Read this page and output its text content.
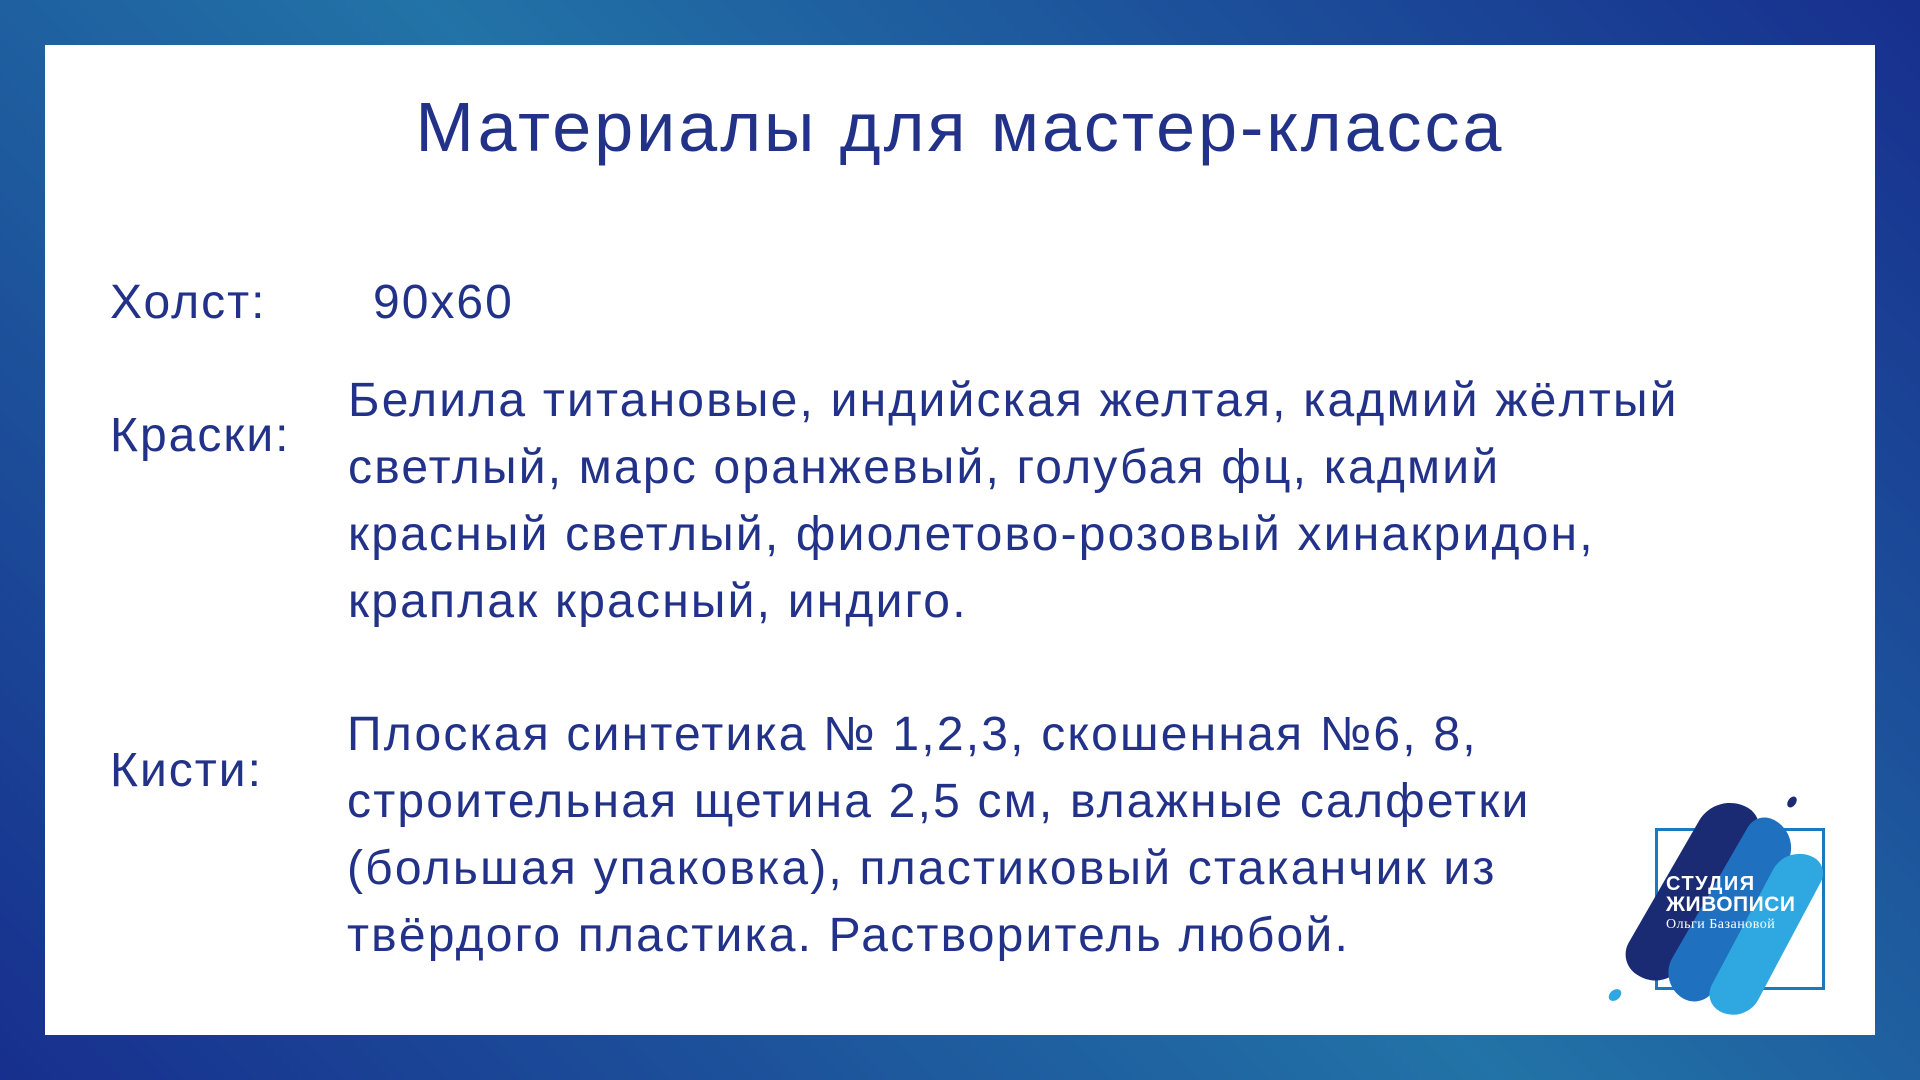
Материалы для мастер-класса
Холст: 90x60
Краски:
Белила титановые, индийская желтая, кадмий жёлтый
светлый, марс оранжевый, голубая фц, кадмий
красный светлый, фиолетово-розовый хинакридон,
краплак красный, индиго.
Кисти:
Плоская синтетика № 1,2,3, скошенная №6, 8,
строительная щетина 2,5 см, влажные салфетки
(большая упаковка), пластиковый стаканчик из
твёрдого пластика. Растворитель любой.
СТУДИЯ
ЖИВОПИСИ
Ольги Базановой
